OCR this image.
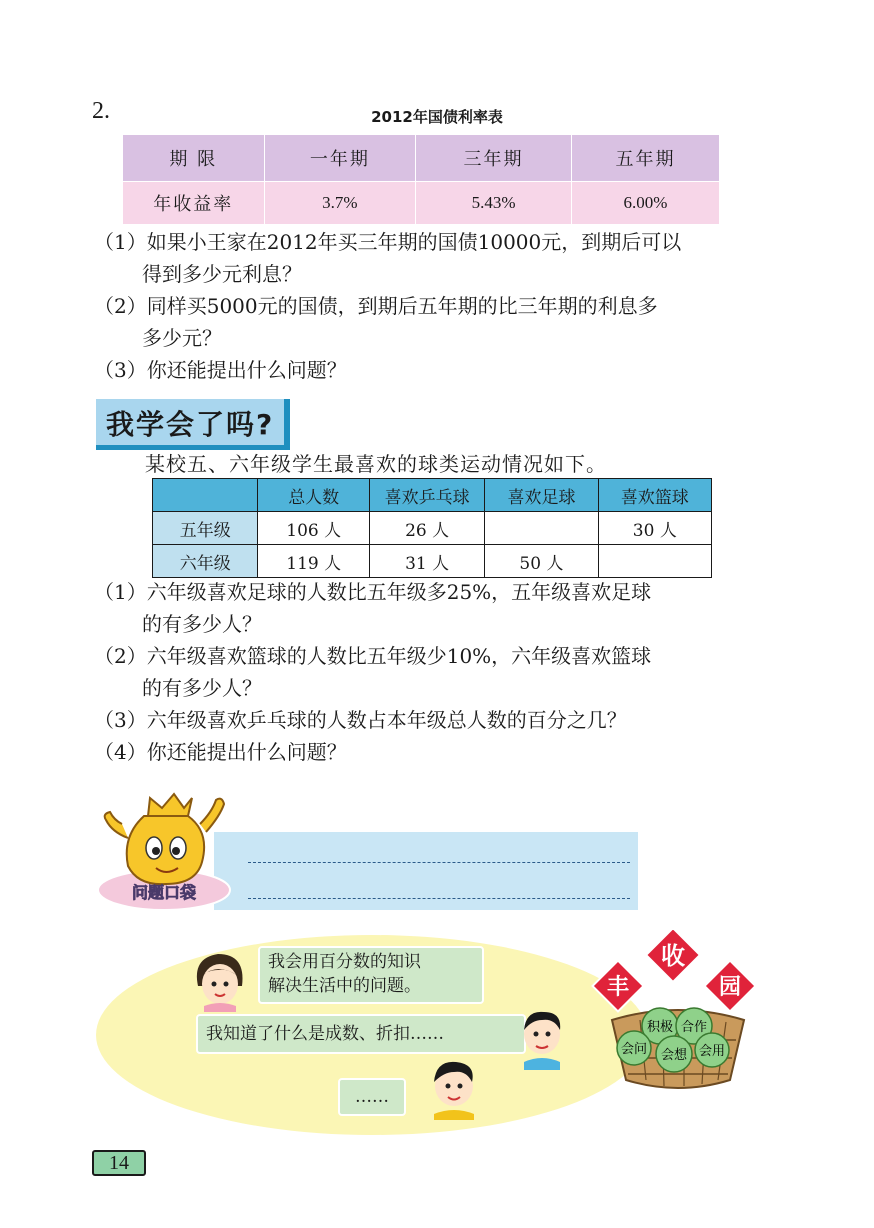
2.	2012年国债利率表
期 限	一年期	三年期	五年期
年收益率	3.7%	5.43%	6.00%
（1）如果小王家在2012年买三年期的国债10000元，到期后可以
得到多少元利息？
（2）同样买5000元的国债，到期后五年期的比三年期的利息多
多少元？
（3）你还能提出什么问题？
我学会了吗?
某校五、六年级学生最喜欢的球类运动情况如下。
	总人数	喜欢乒乓球	喜欢足球	喜欢篮球
五年级	106 人	26 人		30 人
六年级	119 人	31 人	50 人	
（1）六年级喜欢足球的人数比五年级多25%，五年级喜欢足球
的有多少人？
（2）六年级喜欢篮球的人数比五年级少10%，六年级喜欢篮球
的有多少人？
（3）六年级喜欢乒乓球的人数占本年级总人数的百分之几？
（4）你还能提出什么问题？
问题口袋
我会用百分数的知识
解决生活中的问题。
我知道了什么是成数、折扣……
……
积极 合作
会问 会想 会用
丰
收
园
14
